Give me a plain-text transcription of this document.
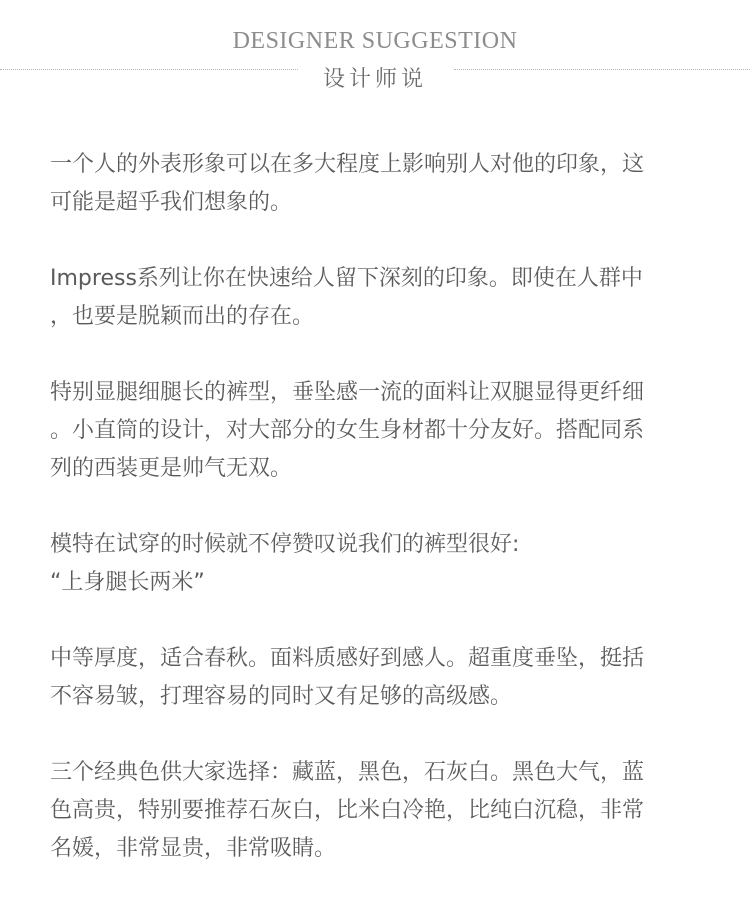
DESIGNER SUGGESTION
设计师说
一个人的外表形象可以在多大程度上影响别人对他的印象，这
可能是超乎我们想象的。
Impress系列让你在快速给人留下深刻的印象。即使在人群中
，也要是脱颖而出的存在。
特别显腿细腿长的裤型，垂坠感一流的面料让双腿显得更纤细
。小直筒的设计，对大部分的女生身材都十分友好。搭配同系
列的西装更是帅气无双。
模特在试穿的时候就不停赞叹说我们的裤型很好:
“上身腿长两米”
中等厚度，适合春秋。面料质感好到感人。超重度垂坠，挺括
不容易皱，打理容易的同时又有足够的高级感。
三个经典色供大家选择：藏蓝，黑色，石灰白。黑色大气，蓝
色高贵，特别要推荐石灰白，比米白冷艳，比纯白沉稳，非常
名媛，非常显贵，非常吸睛。
